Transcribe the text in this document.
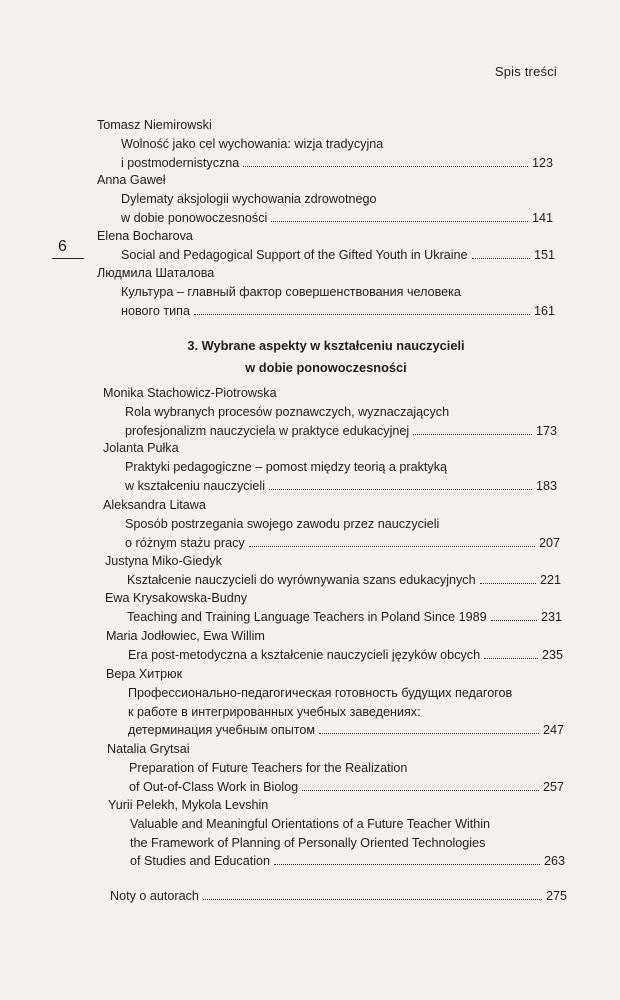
Spis treści
6
Tomasz Niemirowski
Wolność jako cel wychowania: wizja tradycyjna
i postmodernistyczna	123
Anna Gaweł
Dylematy aksjologii wychowania zdrowotnego
w dobie ponowoczesności	141
Elena Bocharova
Social and Pedagogical Support of the Gifted Youth in Ukraine	151
Людмила Шаталова
Культура – главный фактор совершенствования человека
нового типа	161
Monika Stachowicz-Piotrowska
Rola wybranych procesów poznawczych, wyznaczających
profesjonalizm nauczyciela w praktyce edukacyjnej	173
Jolanta Pułka
Praktyki pedagogiczne – pomost między teorią a praktyką
w kształceniu nauczycieli	183
Aleksandra Litawa
Sposób postrzegania swojego zawodu przez nauczycieli
o różnym stażu pracy	207
Justyna Miko-Giedyk
Kształcenie nauczycieli do wyrównywania szans edukacyjnych	221
Ewa Krysakowska-Budny
Teaching and Training Language Teachers in Poland Since 1989	231
Maria Jodłowiec, Ewa Willim
Era post-metodyczna a kształcenie nauczycieli języków obcych	235
Вера Хитрюк
Профессионально-педагогическая готовность будущих педагогов
к работе в интегрированных учебных заведениях:
детерминация учебным опытом	247
Natalia Grytsai
Preparation of Future Teachers for the Realization
of Out-of-Class Work in Biolog	257
Yurii Pelekh, Mykola Levshin
Valuable and Meaningful Orientations of a Future Teacher Within
the Framework of Planning of Personally Oriented Technologies
of Studies and Education	263
3. Wybrane aspekty w kształceniu nauczycieli
w dobie ponowoczesności
Noty o autorach	275
